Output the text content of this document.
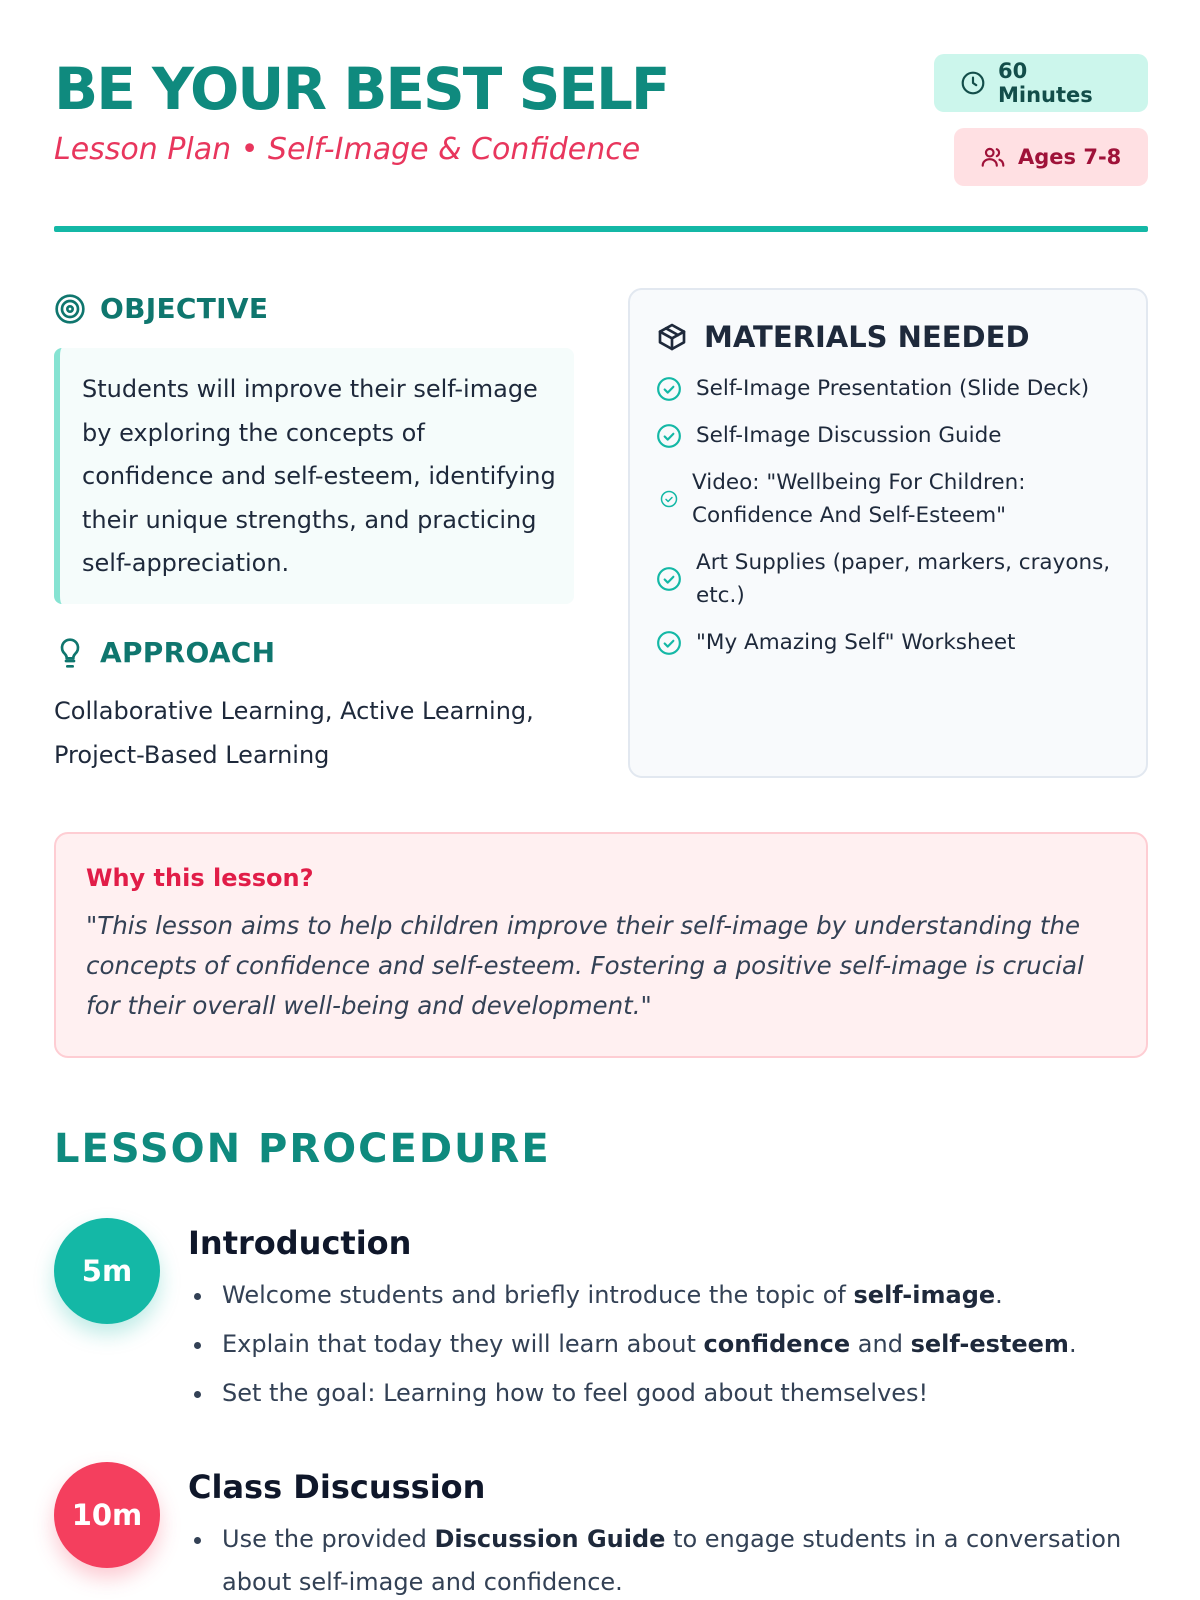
BE YOUR BEST SELF
Lesson Plan • Self-Image & Confidence
60 Minutes
Ages 7-8
OBJECTIVE
Students will improve their self-image by exploring the concepts of confidence and self-esteem, identifying their unique strengths, and practicing self-appreciation.
APPROACH
Collaborative Learning, Active Learning, Project-Based Learning
MATERIALS NEEDED
Self-Image Presentation (Slide Deck)
Self-Image Discussion Guide
Video: "Wellbeing For Children: Confidence And Self-Esteem"
Art Supplies (paper, markers, crayons, etc.)
"My Amazing Self" Worksheet
Why this lesson?
"This lesson aims to help children improve their self-image by understanding the concepts of confidence and self-esteem. Fostering a positive self-image is crucial for their overall well-being and development."
LESSON PROCEDURE
5m
Introduction
Welcome students and briefly introduce the topic of self-image.
Explain that today they will learn about confidence and self-esteem.
Set the goal: Learning how to feel good about themselves!
10m
Class Discussion
Use the provided Discussion Guide to engage students in a conversation about self-image and confidence.
